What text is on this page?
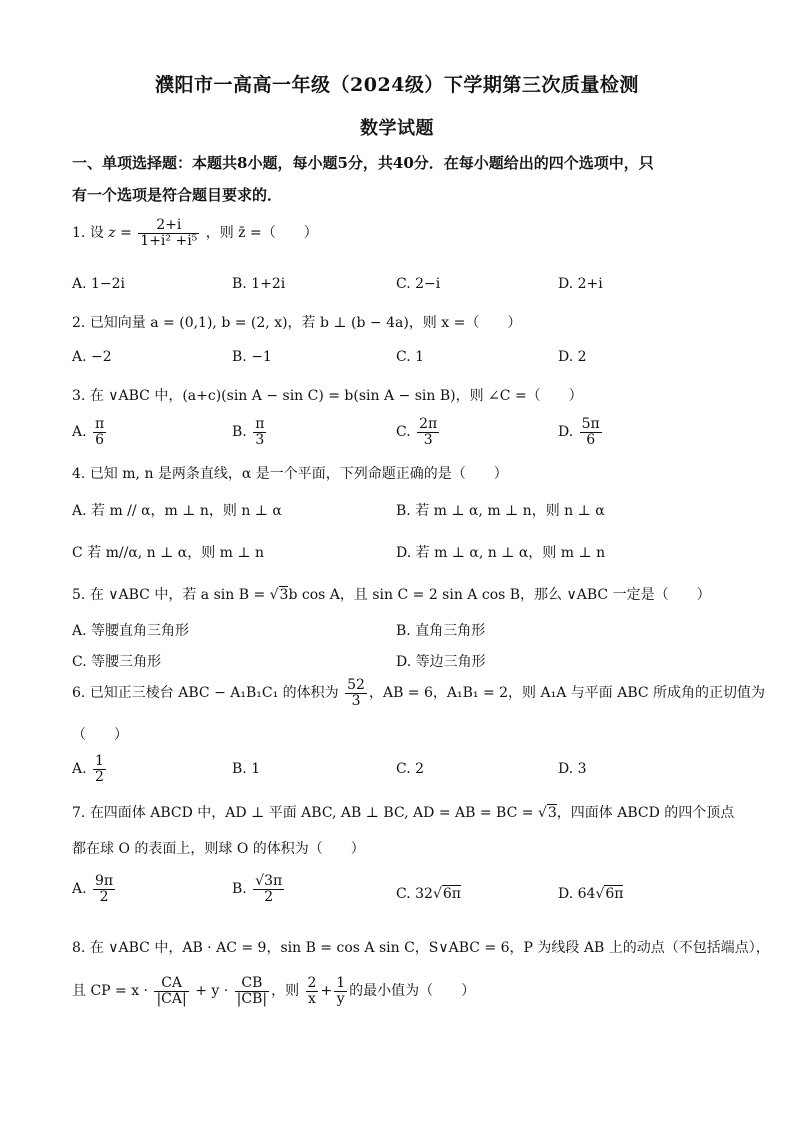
濮阳市一高高一年级（2024级）下学期第三次质量检测
数学试题
一、单项选择题：本题共8小题，每小题5分，共40分．在每小题给出的四个选项中，只
有一个选项是符合题目要求的．
1. 设 $z = \frac{2+i}{\text{1+i² +i⁵}}$ ，则 z̄ =（　　）
A. 1−2i	B. 1+2i	C. 2−i	D. 2+i
2. 已知向量 a = (0,1), b = (2, x)，若 b ⊥ (b − 4a)，则 x =（　　）
A. −2	B. −1	C. 1	D. 2
3. 在 ∨ABC 中，(a+c)(sin A − sin C) = b(sin A − sin B)，则 ∠C =（　　）
A. $\frac{\pi}{6}$	B. $\frac{\pi}{3}$	C. $\frac{2\pi}{3}$	D. $\frac{5\pi}{6}$
4. 已知 m, n 是两条直线，α 是一个平面，下列命题正确的是（　　）
A. 若 m // α，m ⊥ n，则 n ⊥ α	B. 若 m ⊥ α, m ⊥ n，则 n ⊥ α
C 若 m//α, n ⊥ α，则 m ⊥ n	D. 若 m ⊥ α, n ⊥ α，则 m ⊥ n
5. 在 ∨ABC 中，若 a sin B = √3b cos A，且 sin C = 2 sin A cos B，那么 ∨ABC 一定是（　　）
A. 等腰直角三角形	B. 直角三角形
C. 等腰三角形	D. 等边三角形
6. 已知正三棱台 ABC − A₁B₁C₁ 的体积为 $\frac{52}{3}$ ，AB = 6，A₁B₁ = 2，则 A₁A 与平面 ABC 所成角的正切值为
（　　）
A. $\frac{1}{2}$	B. 1	C. 2	D. 3
7. 在四面体 ABCD 中，AD ⊥ 平面 ABC, AB ⊥ BC, AD = AB = BC = √3，四面体 ABCD 的四个顶点
都在球 O 的表面上，则球 O 的体积为（　　）
A. $\frac{9\pi}{2}$	B. $\frac{√3\pi}{2}$	C. 32√6π	D. 64√6π
8. 在 ∨ABC 中，AB · AC = 9，sin B = cos A sin C，S∨ABC = 6，P 为线段 AB 上的动点（不包括端点），
且 CP = $x \cdot \frac{CA}{|CA|} + y \cdot \frac{CB}{|CB|}$ ，则 $\frac{2}{x} + \frac{1}{y}$ 的最小值为（　　）
